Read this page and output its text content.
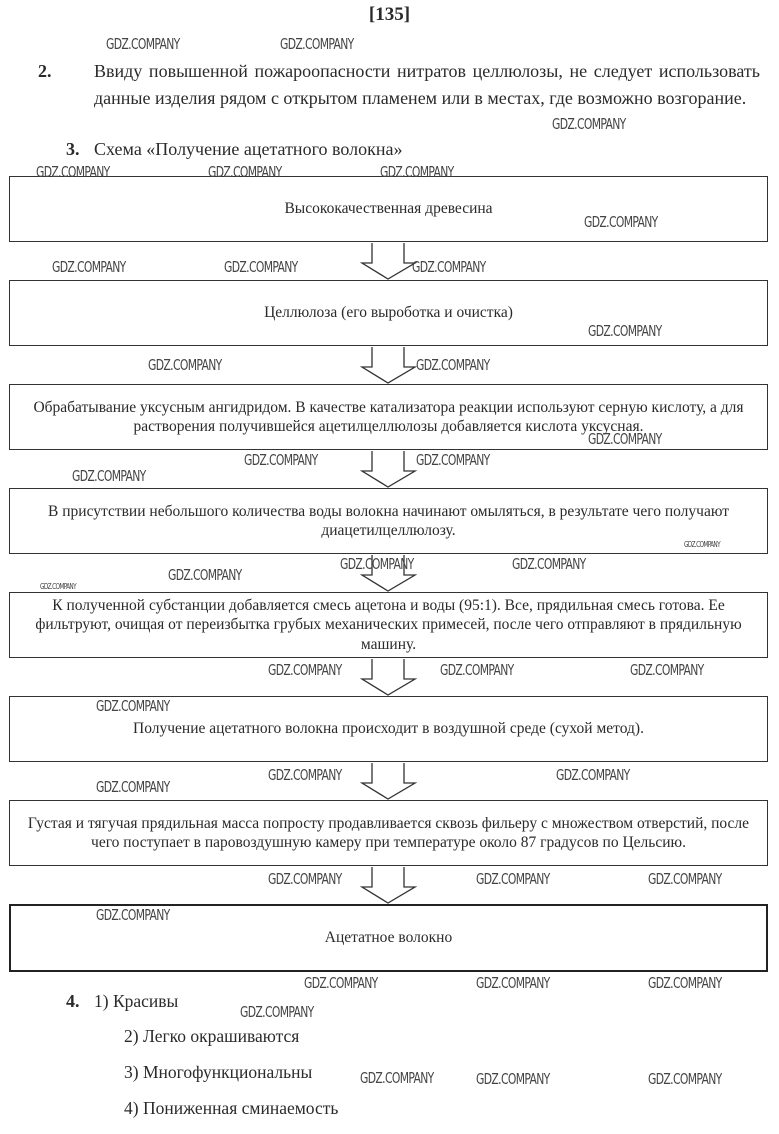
[135]
2. Ввиду повышенной пожароопасности нитратов целлюлозы, не следует использовать данные изделия рядом с открытом пламенем или в местах, где возможно возгорание.
3. Схема «Получение ацетатного волокна»
Высококачественная древесина
Целлюлоза (его выроботка и очистка)
Обрабатывание уксусным ангидридом. В качестве катализатора реакции используют серную кислоту, а для растворения получившейся ацетилцеллюлозы добавляется кислота уксусная.
В присутствии небольшого количества воды волокна начинают омыляться, в результате чего получают диацетилцеллюлозу.
К полученной субстанции добавляется смесь ацетона и воды (95:1). Все, прядильная смесь готова. Ее фильтруют, очищая от переизбытка грубых механических примесей, после чего отправляют в прядильную машину.
Получение ацетатного волокна происходит в воздушной среде (сухой метод).
Густая и тягучая прядильная масса попросту продавливается сквозь фильеру с множеством отверстий, после чего поступает в паровоздушную камеру при температуре около 87 градусов по Цельсию.
Ацетатное волокно
4. 1) Красивы
2) Легко окрашиваются
3) Многофункциональны
4) Пониженная сминаемость
GDZ.COMPANY	GDZ.COMPANY
GDZ.COMPANY
GDZ.COMPANY	GDZ.COMPANY	GDZ.COMPANY
GDZ.COMPANY
GDZ.COMPANY	GDZ.COMPANY	GDZ.COMPANY
GDZ.COMPANY
GDZ.COMPANY	GDZ.COMPANY
GDZ.COMPANY
GDZ.COMPANY	GDZ.COMPANY
GDZ.COMPANY
GDZ.COMPANY
GDZ.COMPANY	GDZ.COMPANY
GDZ.COMPANY
GDZ.COMPANY
GDZ.COMPANY
GDZ.COMPANY
GDZ.COMPANY
GDZ.COMPANY
GDZ.COMPANY	GDZ.COMPANY
GDZ.COMPANY
GDZ.COMPANY	GDZ.COMPANY	GDZ.COMPANY
GDZ.COMPANY
GDZ.COMPANY	GDZ.COMPANY	GDZ.COMPANY
GDZ.COMPANY
GDZ.COMPANY	GDZ.COMPANY	GDZ.COMPANY
